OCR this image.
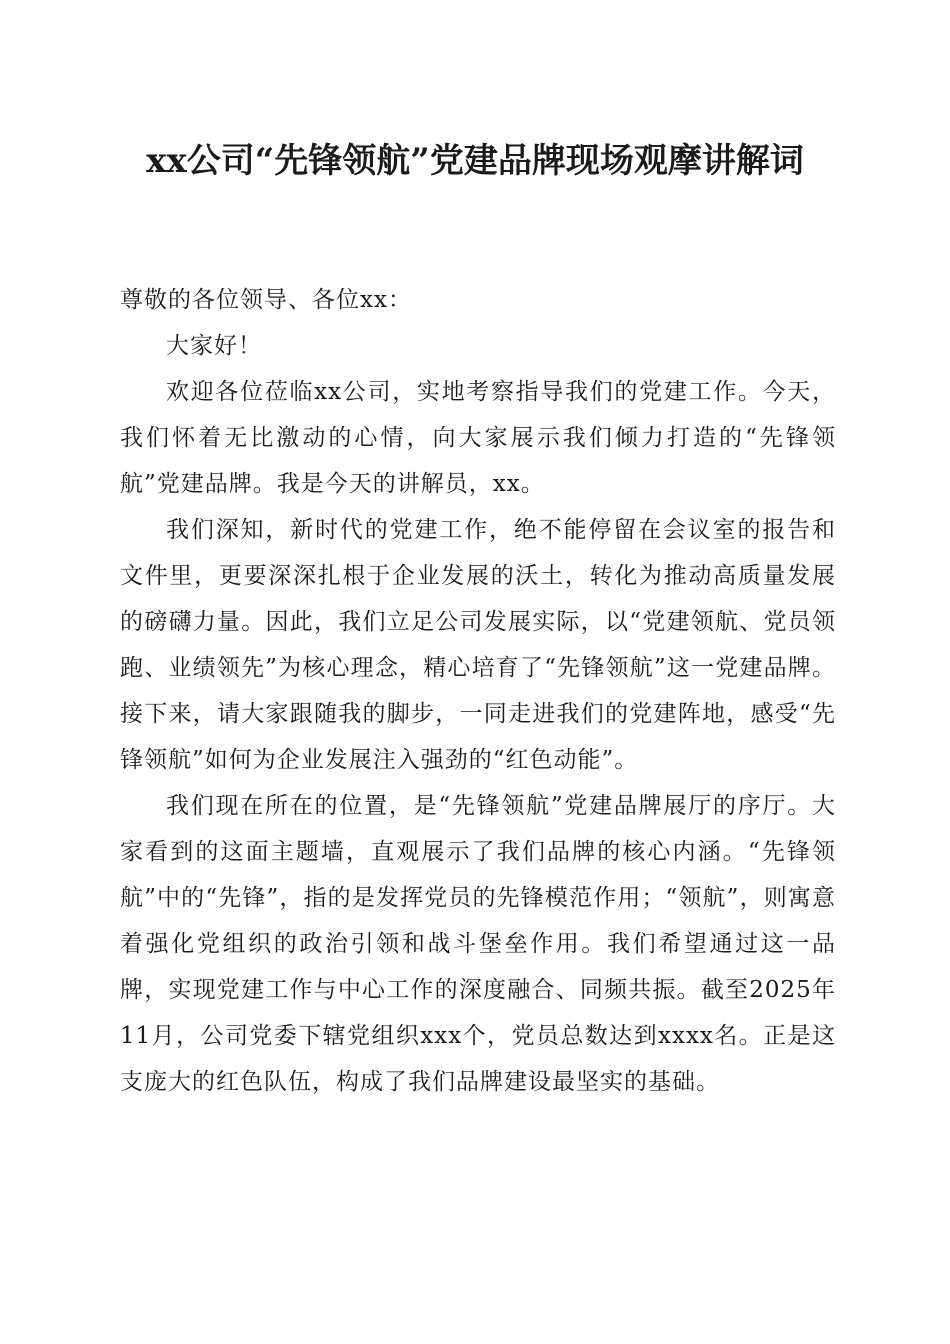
xx公司“先锋领航”党建品牌现场观摩讲解词

尊敬的各位领导、各位xx：

大家好！

欢迎各位莅临xx公司，实地考察指导我们的党建工作。今天，我们怀着无比激动的心情，向大家展示我们倾力打造的“先锋领航”党建品牌。我是今天的讲解员，xx。

我们深知，新时代的党建工作，绝不能停留在会议室的报告和文件里，更要深深扎根于企业发展的沃土，转化为推动高质量发展的磅礴力量。因此，我们立足公司发展实际，以“党建领航、党员领跑、业绩领先”为核心理念，精心培育了“先锋领航”这一党建品牌。接下来，请大家跟随我的脚步，一同走进我们的党建阵地，感受“先锋领航”如何为企业发展注入强劲的“红色动能”。

我们现在所在的位置，是“先锋领航”党建品牌展厅的序厅。大家看到的这面主题墙，直观展示了我们品牌的核心内涵。“先锋领航”中的“先锋”，指的是发挥党员的先锋模范作用；“领航”，则寓意着强化党组织的政治引领和战斗堡垒作用。我们希望通过这一品牌，实现党建工作与中心工作的深度融合、同频共振。截至2025年11月，公司党委下辖党组织xxx个，党员总数达到xxxx名。正是这支庞大的红色队伍，构成了我们品牌建设最坚实的基础。
